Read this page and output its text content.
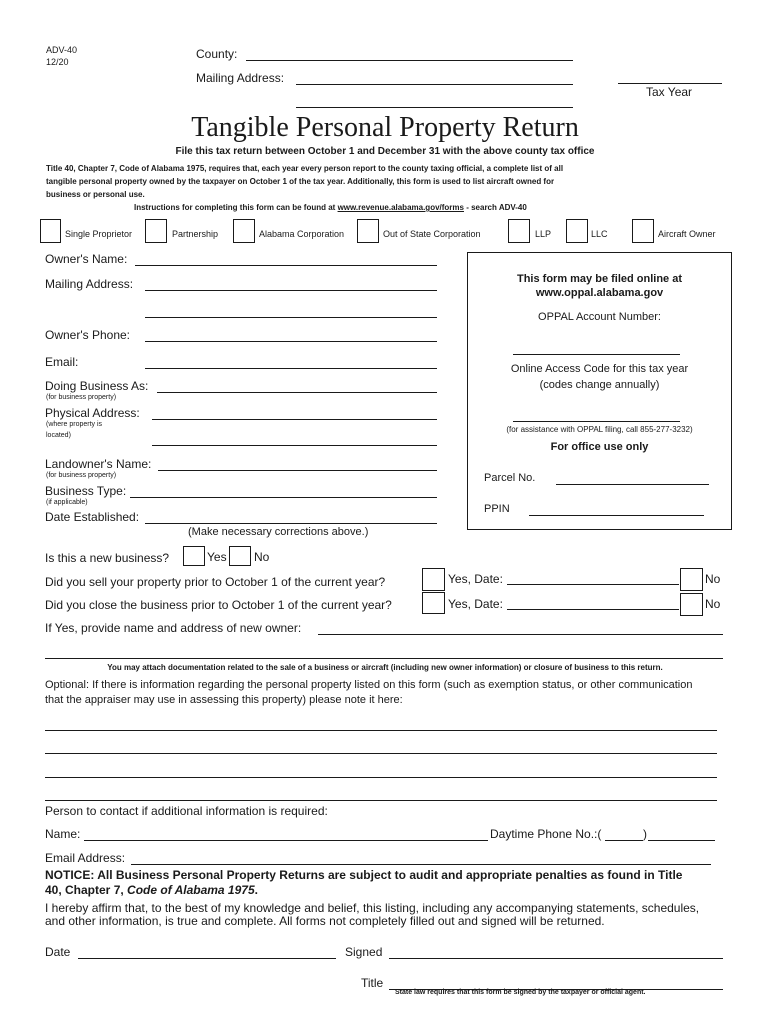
ADV-40
12/20
County:
Mailing Address:
Tax Year
Tangible Personal Property Return
File this tax return between October 1 and December 31 with the above county tax office
Title 40, Chapter 7, Code of Alabama 1975, requires that, each year every person report to the county taxing official, a complete list of all
tangible personal property owned by the taxpayer on October 1 of the tax year. Additionally, this form is used to list aircraft owned for
business or personal use.
Instructions for completing this form can be found at www.revenue.alabama.gov/forms - search ADV-40
Single Proprietor	Partnership	Alabama Corporation	Out of State Corporation	LLP	LLC	Aircraft Owner
Owner's Name:
Mailing Address:
Owner's Phone:
Email:
Doing Business As:
(for business property)
Physical Address:
(where property is
located)
Landowner's Name:
(for business property)
Business Type:
(if applicable)
Date Established:
(Make necessary corrections above.)
This form may be filed online at
www.oppal.alabama.gov
OPPAL Account Number:
Online Access Code for this tax year
(codes change annually)
(for assistance with OPPAL filing, call 855-277-3232)
For office use only
Parcel No.
PPIN
Is this a new business?	Yes No
Did you sell your property prior to October 1 of the current year?	Yes, Date:	No
Did you close the business prior to October 1 of the current year?	Yes, Date:	No
If Yes, provide name and address of new owner:
You may attach documentation related to the sale of a business or aircraft (including new owner information) or closure of business to this return.
Optional: If there is information regarding the personal property listed on this form (such as exemption status, or other communication
that the appraiser may use in assessing this property) please note it here:
Person to contact if additional information is required:
Name:	Daytime Phone No.:(	)
Email Address:
NOTICE: All Business Personal Property Returns are subject to audit and appropriate penalties as found in Title
40, Chapter 7, Code of Alabama 1975.
I hereby affirm that, to the best of my knowledge and belief, this listing, including any accompanying statements, schedules,
and other information, is true and complete. All forms not completely filled out and signed will be returned.
Date	Signed
Title
State law requires that this form be signed by the taxpayer or official agent.
